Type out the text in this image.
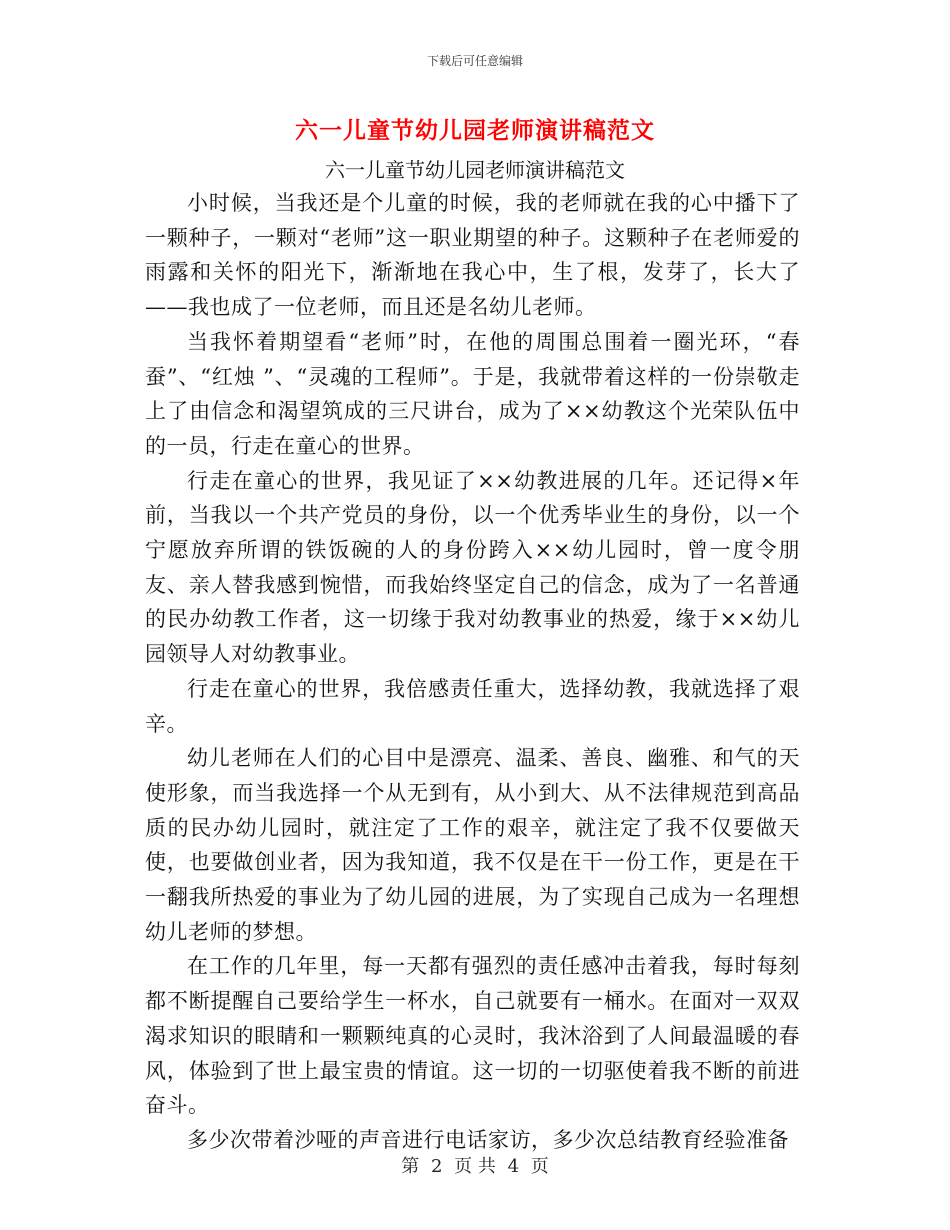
下载后可任意编辑
六一儿童节幼儿园老师演讲稿范文
六一儿童节幼儿园老师演讲稿范文

小时候，当我还是个儿童的时候，我的老师就在我的心中播下了一颗种子，一颗对“老师”这一职业期望的种子。这颗种子在老师爱的雨露和关怀的阳光下，渐渐地在我心中，生了根，发芽了，长大了——我也成了一位老师，而且还是名幼儿老师。

当我怀着期望看“老师”时，在他的周围总围着一圈光环，“春蚕”、“红烛 ”、“灵魂的工程师”。于是，我就带着这样的一份崇敬走上了由信念和渴望筑成的三尺讲台，成为了××幼教这个光荣队伍中的一员，行走在童心的世界。

行走在童心的世界，我见证了××幼教进展的几年。还记得×年前，当我以一个共产党员的身份，以一个优秀毕业生的身份，以一个宁愿放弃所谓的铁饭碗的人的身份跨入××幼儿园时，曾一度令朋友、亲人替我感到惋惜，而我始终坚定自己的信念，成为了一名普通的民办幼教工作者，这一切缘于我对幼教事业的热爱，缘于××幼儿园领导人对幼教事业。

行走在童心的世界，我倍感责任重大，选择幼教，我就选择了艰辛。

幼儿老师在人们的心目中是漂亮、温柔、善良、幽雅、和气的天使形象，而当我选择一个从无到有，从小到大、从不法律规范到高品质的民办幼儿园时，就注定了工作的艰辛，就注定了我不仅要做天使，也要做创业者，因为我知道，我不仅是在干一份工作，更是在干一翻我所热爱的事业为了幼儿园的进展，为了实现自己成为一名理想幼儿老师的梦想。

在工作的几年里，每一天都有强烈的责任感冲击着我，每时每刻都不断提醒自己要给学生一杯水，自己就要有一桶水。在面对一双双渴求知识的眼睛和一颗颗纯真的心灵时，我沐浴到了人间最温暖的春风，体验到了世上最宝贵的情谊。这一切的一切驱使着我不断的前进奋斗。

多少次带着沙哑的声音进行电话家访，多少次总结教育经验准备

第 2 页 共 4 页
